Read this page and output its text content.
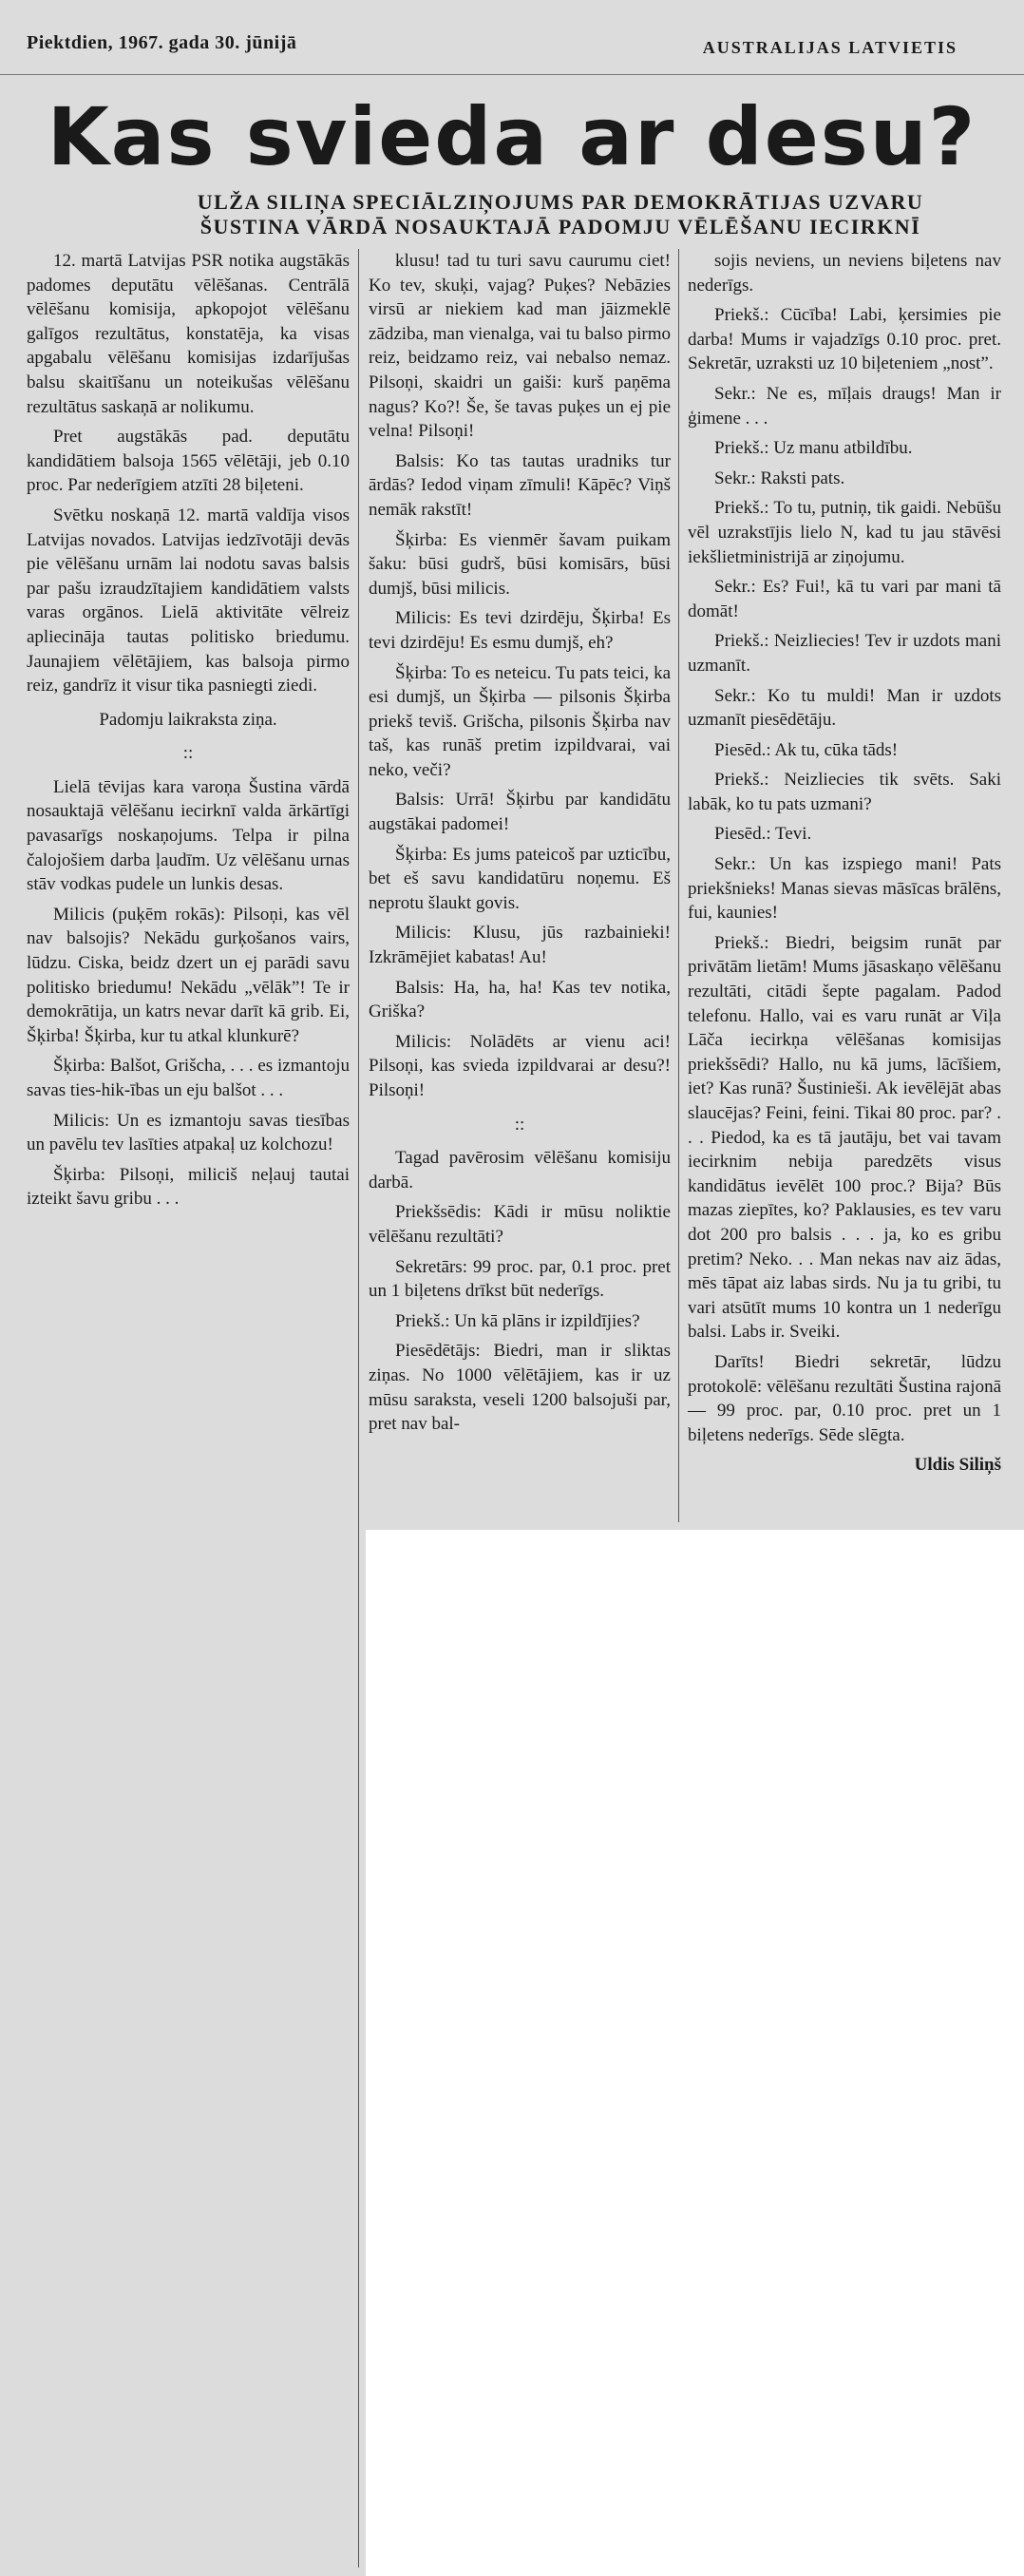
Piektdien, 1967. gada 30. jūnijā	AUSTRALIJAS LATVIETIS
Kas svieda ar desu?
ULŽA SILIŅA SPECIĀLZIŅOJUMS PAR DEMOKRĀTIJAS UZVARU ŠUSTINA VĀRDĀ NOSAUKTAJĀ PADOMJU VĒLĒŠANU IECIRKNĪ

12. martā Latvijas PSR notika augstākās padomes deputātu vēlēšanas. Centrālā vēlēšanu komisija, apkopojot vēlēšanu galīgos rezultātus, konstatēja, ka visas apgabalu vēlēšanu komisijas izdarījušas balsu skaitīšanu un noteikušas vēlēšanu rezultātus saskaņā ar nolikumu.

Pret augstākās pad. deputātu kandidātiem balsoja 1565 vēlētāji, jeb 0.10 proc. Par nederīgiem atzīti 28 biļeteni.

Svētku noskaņā 12. martā valdīja visos Latvijas novados. Latvijas iedzīvotāji devās pie vēlēšanu urnām lai nodotu savas balsis par pašu izraudzītajiem kandidātiem valsts varas orgānos. Lielā aktivitāte vēlreiz apliecināja tautas politisko briedumu. Jaunajiem vēlētājiem, kas balsoja pirmo reiz, gandrīz it visur tika pasniegti ziedi.

Padomju laikraksta ziņa.

::

Lielā tēvijas kara varoņa Šustina vārdā nosauktajā vēlēšanu iecirknī valda ārkārtīgi pavasarīgs noskaņojums. Telpa ir pilna čalojošiem darba ļaudīm. Uz vēlēšanu urnas stāv vodkas pudele un lunkis desas.

Milicis (puķēm rokās): Pilsoņi, kas vēl nav balsojis? Nekādu gurķošanos vairs, lūdzu. Ciska, beidz dzert un ej parādi savu politisko briedumu! Nekādu „vēlāk”! Te ir demokrātija, un katrs nevar darīt kā grib. Ei, Šķirba! Šķirba, kur tu atkal klunkurē?

Šķirba: Balšot, Grišcha, . . . es izmantoju savas ties-hik-ības un eju balšot . . .

Milicis: Un es izmantoju savas tiesības un pavēlu tev lasīties atpakaļ uz kolchozu!

Šķirba: Pilsoņi, miliciš neļauj tautai izteikt šavu gribu . . .

klusu! tad tu turi savu caurumu ciet! Ko tev, skuķi, vajag? Puķes? Nebāzies virsū ar niekiem kad man jāizmeklē zādziba, man vienalga, vai tu balso pirmo reiz, beidzamo reiz, vai nebalso nemaz. Pilsoņi, skaidri un gaiši: kurš paņēma nagus? Ko?! Še, še tavas puķes un ej pie velna! Pilsoņi!

Balsis: Ko tas tautas uradniks tur ārdās? Iedod viņam zīmuli! Kāpēc? Viņš nemāk rakstīt!

Šķirba: Es vienmēr šavam puikam šaku: būsi gudrš, būsi komisārs, būsi dumjš, būsi milicis.

Milicis: Es tevi dzirdēju, Šķirba! Es tevi dzirdēju! Es esmu dumjš, eh?

Šķirba: To es neteicu. Tu pats teici, ka esi dumjš, un Šķirba — pilsonis Šķirba priekš teviš. Grišcha, pilsonis Šķirba nav taš, kas runāš pretim izpildvarai, vai neko, veči?

Balsis: Urrā! Šķirbu par kandidātu augstākai padomei!

Šķirba: Es jums pateicoš par uzticību, bet eš savu kandidatūru noņemu. Eš neprotu šlaukt govis.

Milicis: Klusu, jūs razbainieki! Izkrāmējiet kabatas! Au!

Balsis: Ha, ha, ha! Kas tev notika, Griška?

Milicis: Nolādēts ar vienu aci! Pilsoņi, kas svieda izpildvarai ar desu?! Pilsoņi!

::

Tagad pavērosim vēlēšanu komisiju darbā.

Priekšsēdis: Kādi ir mūsu noliktie vēlēšanu rezultāti?

Sekretārs: 99 proc. par, 0.1 proc. pret un 1 biļetens drīkst būt nederīgs.

Priekš.: Un kā plāns ir izpildījies?

Piesēdētājs: Biedri, man ir sliktas ziņas. No 1000 vēlētājiem, kas ir uz mūsu saraksta, veseli 1200 balsojuši par, pret nav bal-

sojis neviens, un neviens biļetens nav nederīgs.

Priekš.: Cūcība! Labi, ķersimies pie darba! Mums ir vajadzīgs 0.10 proc. pret. Sekretār, uzraksti uz 10 biļeteniem „nost”.

Sekr.: Ne es, mīļais draugs! Man ir ģimene . . .

Priekš.: Uz manu atbildību.

Sekr.: Raksti pats.

Priekš.: To tu, putniņ, tik gaidi. Nebūšu vēl uzrakstījis lielo N, kad tu jau stāvēsi iekšlietministrijā ar ziņojumu.

Sekr.: Es? Fui!, kā tu vari par mani tā domāt!

Priekš.: Neizliecies! Tev ir uzdots mani uzmanīt.

Sekr.: Ko tu muldi! Man ir uzdots uzmanīt piesēdētāju.

Piesēd.: Ak tu, cūka tāds!

Priekš.: Neizliecies tik svēts. Saki labāk, ko tu pats uzmani?

Piesēd.: Tevi.

Sekr.: Un kas izspiego mani! Pats priekšnieks! Manas sievas māsīcas brālēns, fui, kaunies!

Priekš.: Biedri, beigsim runāt par privātām lietām! Mums jāsaskaņo vēlēšanu rezultāti, citādi šepte pagalam. Padod telefonu. Hallo, vai es varu runāt ar Viļa Lāča iecirkņa vēlēšanas komisijas priekšsēdi? Hallo, nu kā jums, lācīšiem, iet? Kas runā? Šustinieši. Ak ievēlējāt abas slaucējas? Feini, feini. Tikai 80 proc. par? . . . Piedod, ka es tā jautāju, bet vai tavam iecirknim nebija paredzēts visus kandidātus ievēlēt 100 proc.? Bija? Būs mazas ziepītes, ko? Paklausies, es tev varu dot 200 pro balsis . . . ja, ko es gribu pretim? Neko. . . Man nekas nav aiz ādas, mēs tāpat aiz labas sirds. Nu ja tu gribi, tu vari atsūtīt mums 10 kontra un 1 nederīgu balsi. Labs ir. Sveiki.

Darīts! Biedri sekretār, lūdzu protokolē: vēlēšanu rezultāti Šustina rajonā — 99 proc. par, 0.10 proc. pret un 1 biļetens nederīgs. Sēde slēgta.

Uldis Siliņš
